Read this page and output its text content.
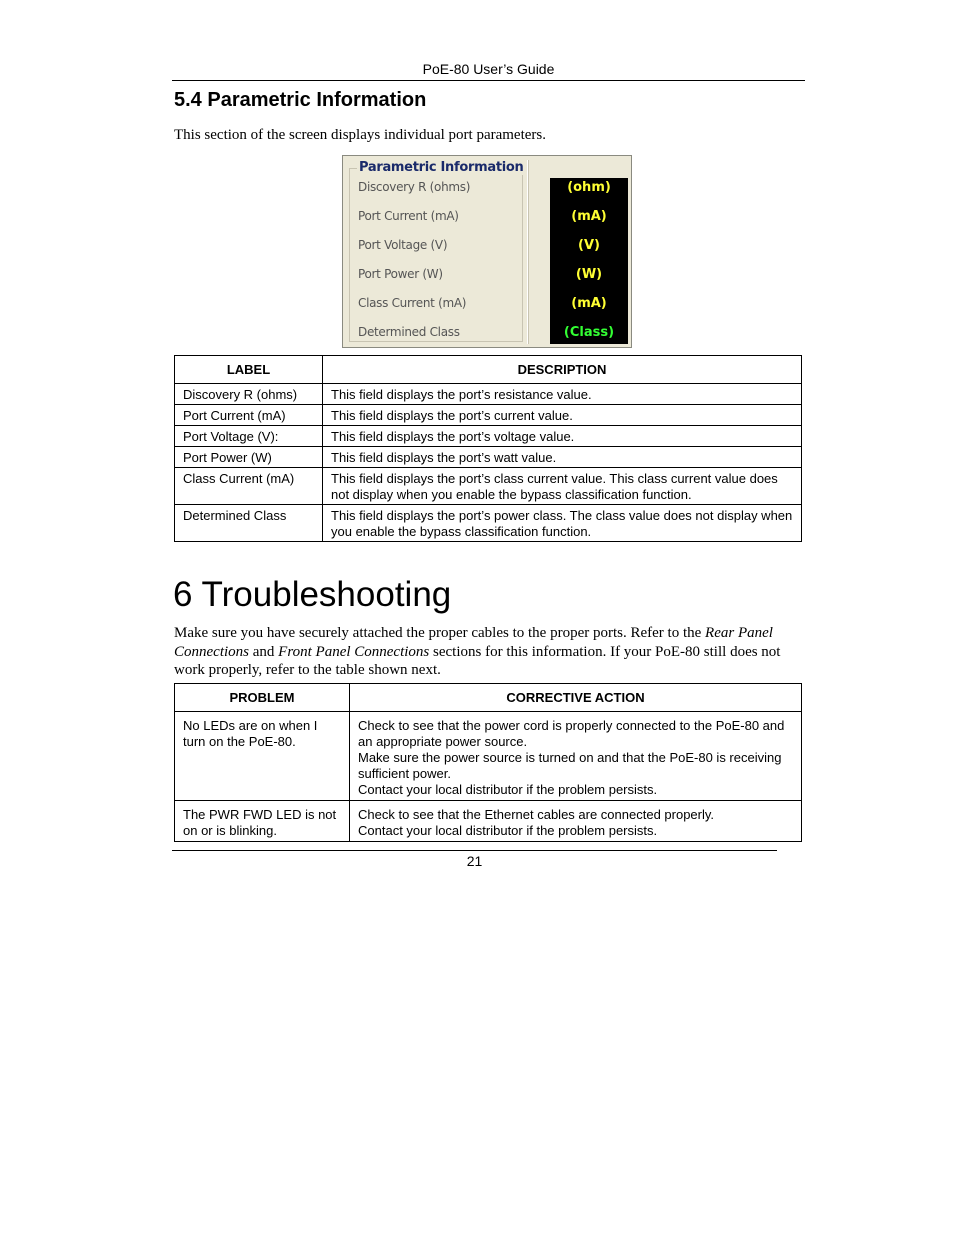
PoE-80 User’s Guide
5.4 Parametric Information
This section of the screen displays individual port parameters.
Parametric Information
Discovery R (ohms)
Port Current (mA)
Port Voltage (V)
Port Power (W)
Class Current (mA)
Determined Class
(ohm)
(mA)
(V)
(W)
(mA)
(Class)
LABEL	DESCRIPTION
Discovery R (ohms)	This field displays the port’s resistance value.
Port Current (mA)	This field displays the port’s current value.
Port Voltage (V):	This field displays the port’s voltage value.
Port Power (W)	This field displays the port’s watt value.
Class Current (mA)	This field displays the port’s class current value. This class current value does not display when you enable the bypass classification function.
Determined Class	This field displays the port’s power class. The class value does not display when you enable the bypass classification function.
6 Troubleshooting
Make sure you have securely attached the proper cables to the proper ports. Refer to the Rear Panel Connections and Front Panel Connections sections for this information. If your PoE-80 still does not work properly, refer to the table shown next.
PROBLEM	CORRECTIVE ACTION
No LEDs are on when I turn on the PoE-80.	Check to see that the power cord is properly connected to the PoE-80 and an appropriate power source.
Make sure the power source is turned on and that the PoE-80 is receiving sufficient power.
Contact your local distributor if the problem persists.

The PWR FWD LED is not on or is blinking.	Check to see that the Ethernet cables are connected properly.
Contact your local distributor if the problem persists.
21
